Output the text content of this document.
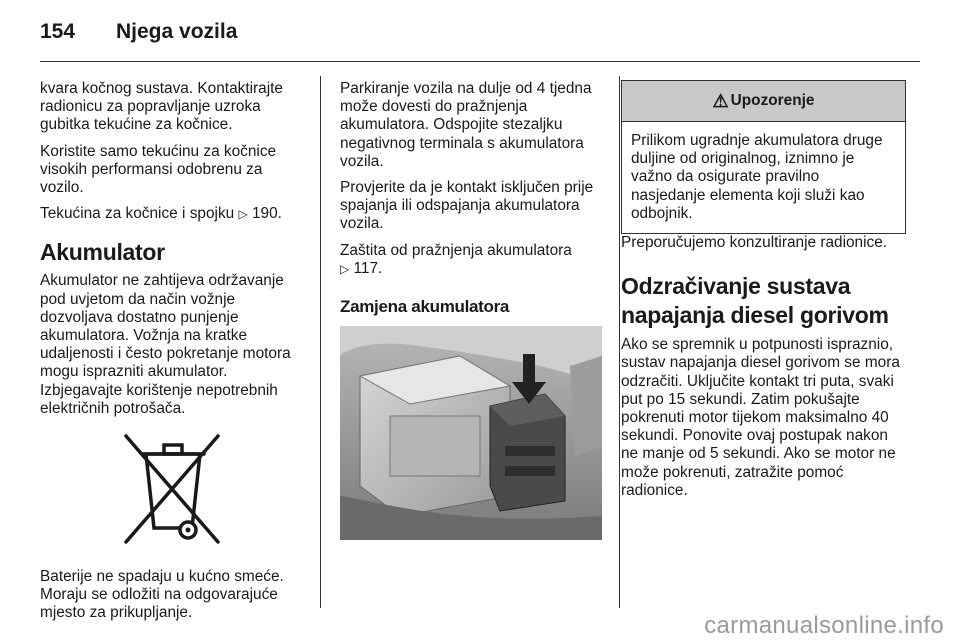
154 Njega vozila

kvara kočnog sustava. Kontaktirajte radionicu za popravljanje uzroka gubitka tekućine za kočnice.

Koristite samo tekućinu za kočnice visokih performansi odobrenu za vozilo.

Tekućina za kočnice i spojku ▷ 190.

Akumulator

Akumulator ne zahtijeva održavanje pod uvjetom da način vožnje dozvoljava dostatno punjenje akumulatora. Vožnja na kratke udaljenosti i često pokretanje motora mogu isprazniti akumulator. Izbjegavajte korištenje nepotrebnih električnih potrošača.

Baterije ne spadaju u kućno smeće. Moraju se odložiti na odgovarajuće mjesto za prikupljanje.

Parkiranje vozila na dulje od 4 tjedna može dovesti do pražnjenja akumulatora. Odspojite stezaljku negativnog terminala s akumulatora vozila.

Provjerite da je kontakt isključen prije spajanja ili odspajanja akumulatora vozila.

Zaštita od pražnjenja akumulatora
▷ 117.

Zamjena akumulatora
⚠ Upozorenje

Prilikom ugradnje akumulatora druge duljine od originalnog, iznimno je važno da osigurate pravilno nasjedanje elementa koji služi kao odbojnik.

Preporučujemo konzultiranje radionice.

Odzračivanje sustava napajanja diesel gorivom

Ako se spremnik u potpunosti ispraznio, sustav napajanja diesel gorivom se mora odzračiti. Uključite kontakt tri puta, svaki put po 15 sekundi. Zatim pokušajte pokrenuti motor tijekom maksimalno 40 sekundi. Ponovite ovaj postupak nakon ne manje od 5 sekundi. Ako se motor ne može pokrenuti, zatražite pomoć radionice.

carmanualsonline.info
